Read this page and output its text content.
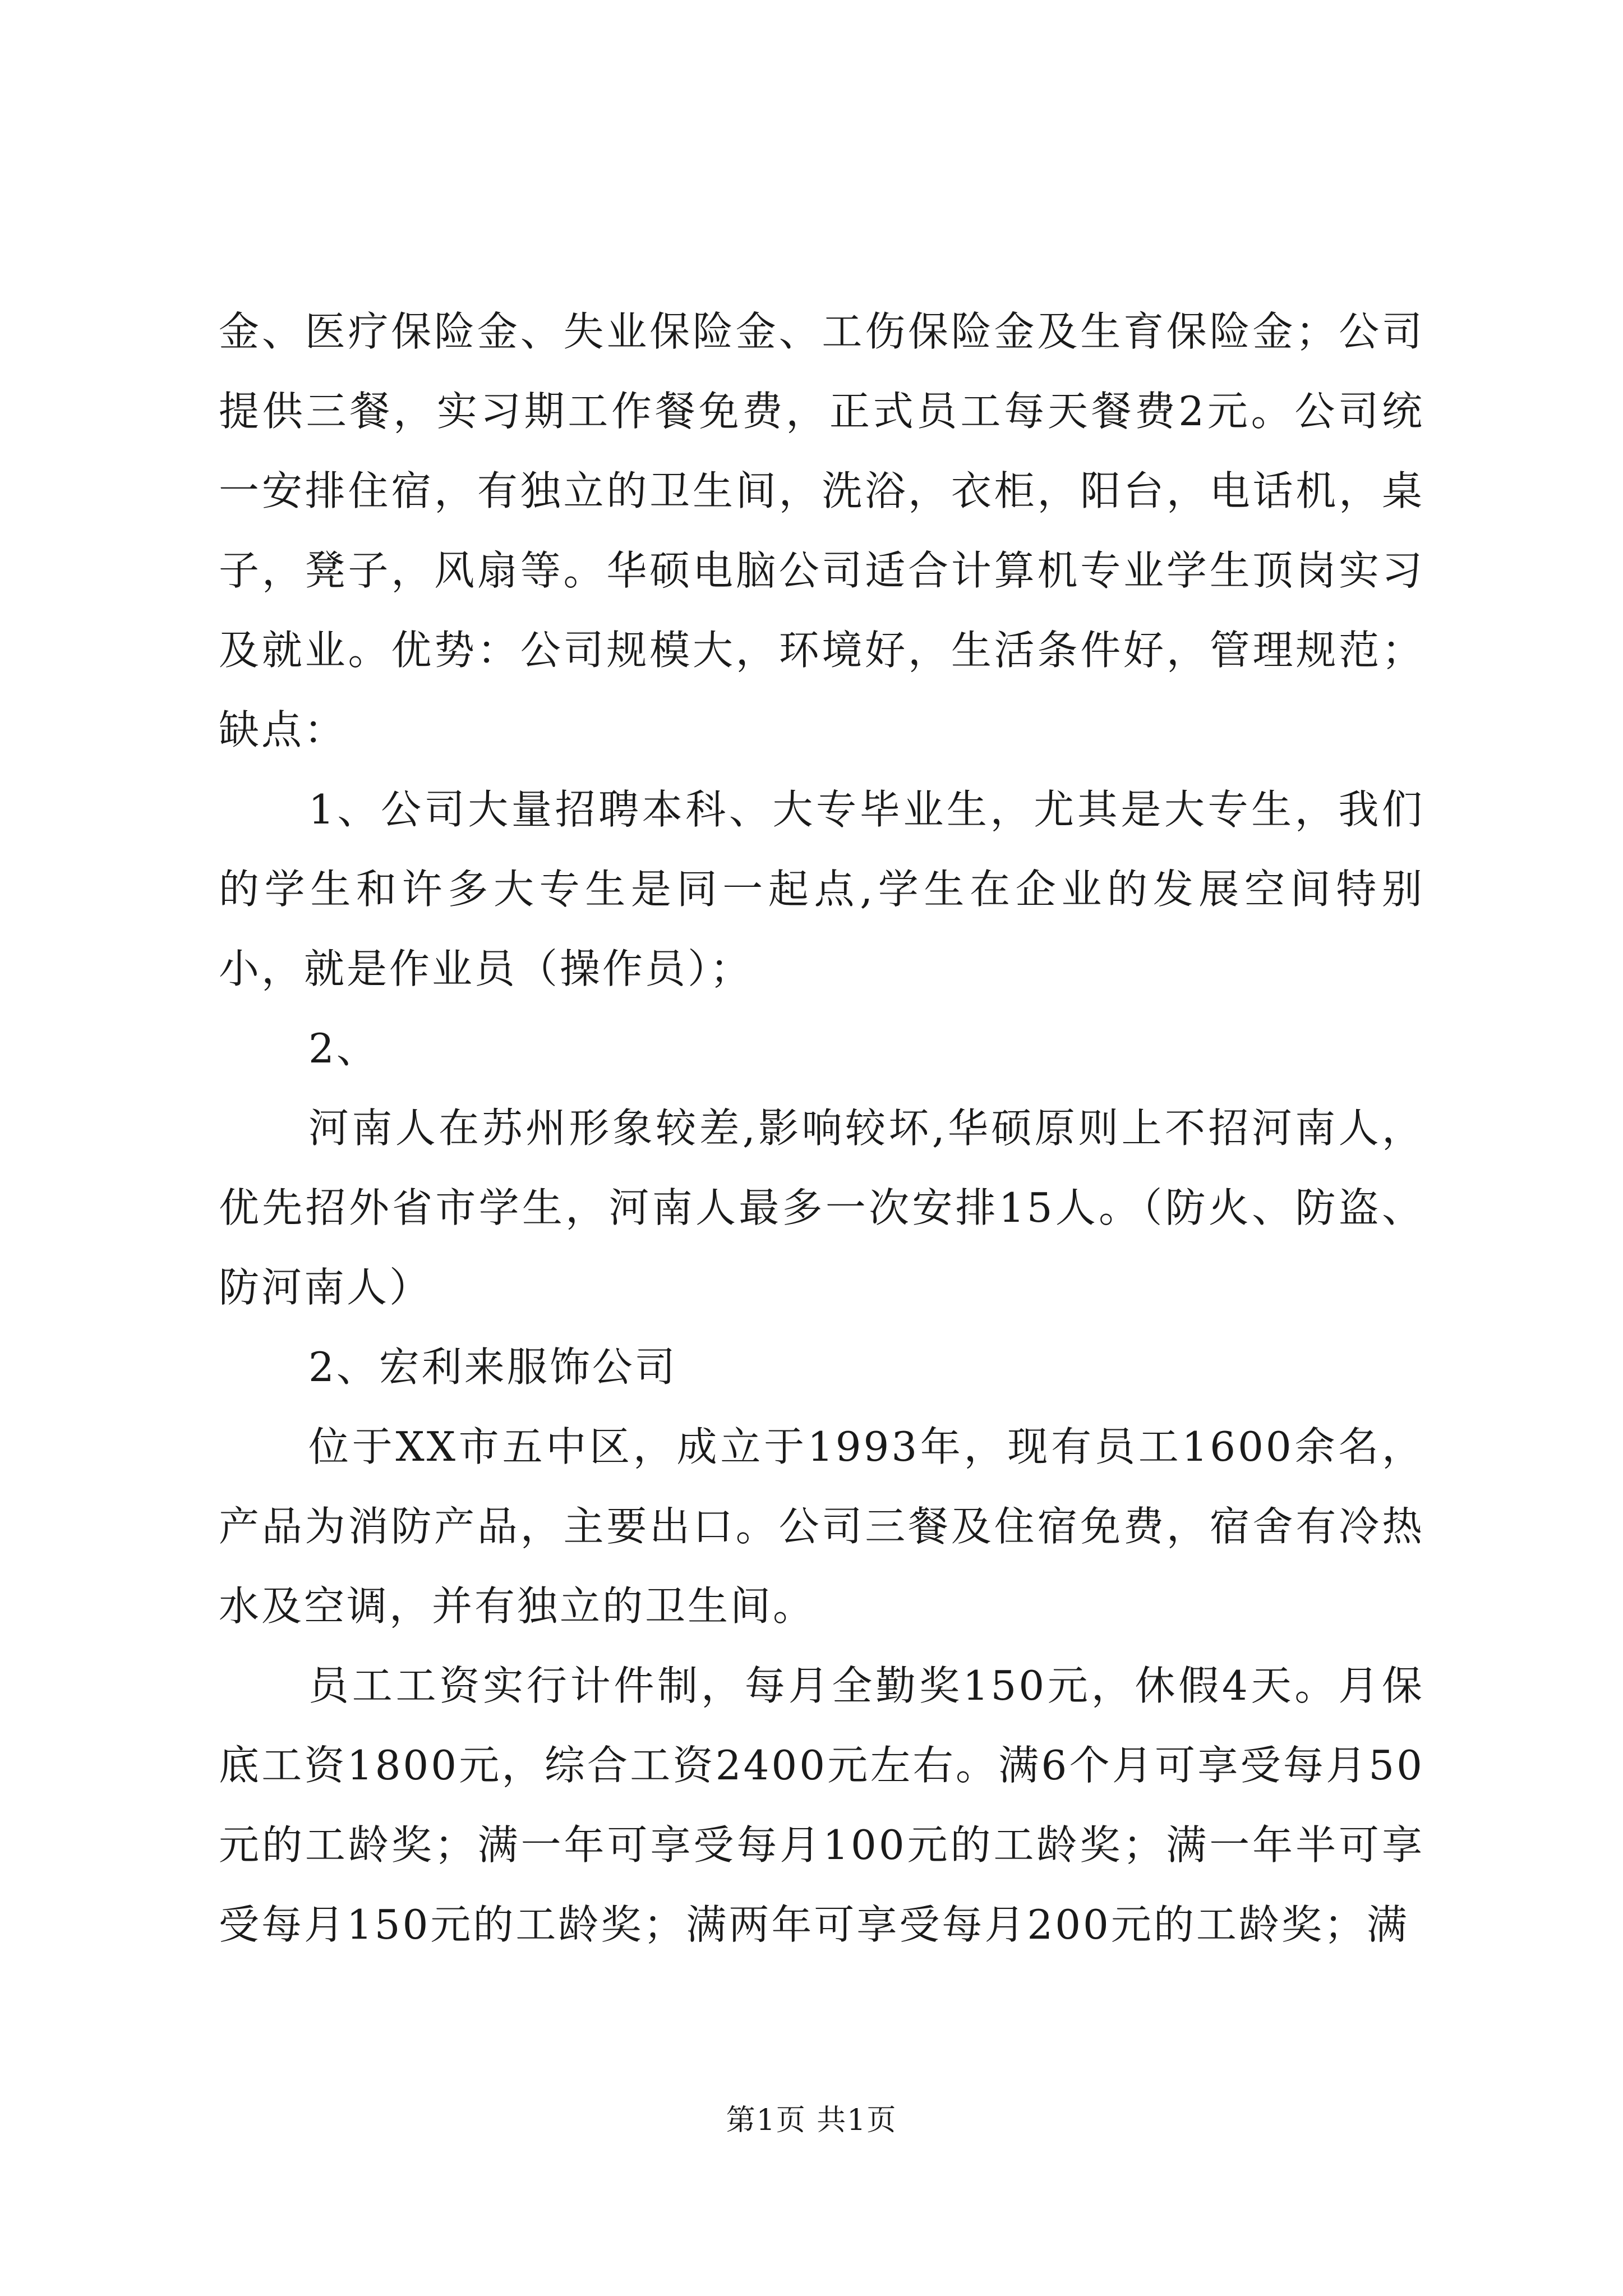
金、医疗保险金、失业保险金、工伤保险金及生育保险金；公司提供三餐，实习期工作餐免费，正式员工每天餐费2元。公司统一安排住宿，有独立的卫生间，洗浴，衣柜，阳台，电话机，桌子，凳子，风扇等。华硕电脑公司适合计算机专业学生顶岗实习及就业。优势：公司规模大，环境好，生活条件好，管理规范；缺点：

1、公司大量招聘本科、大专毕业生，尤其是大专生，我们的学生和许多大专生是同一起点,学生在企业的发展空间特别小，就是作业员（操作员）；

2、

河南人在苏州形象较差,影响较坏,华硕原则上不招河南人，优先招外省市学生，河南人最多一次安排15人。（防火、防盗、防河南人）

2、宏利来服饰公司

位于XX市五中区，成立于1993年，现有员工1600余名，产品为消防产品，主要出口。公司三餐及住宿免费，宿舍有冷热水及空调，并有独立的卫生间。

员工工资实行计件制，每月全勤奖150元，休假4天。月保底工资1800元，综合工资2400元左右。满6个月可享受每月50元的工龄奖；满一年可享受每月100元的工龄奖；满一年半可享受每月150元的工龄奖；满两年可享受每月200元的工龄奖；满

第1页 共1页
